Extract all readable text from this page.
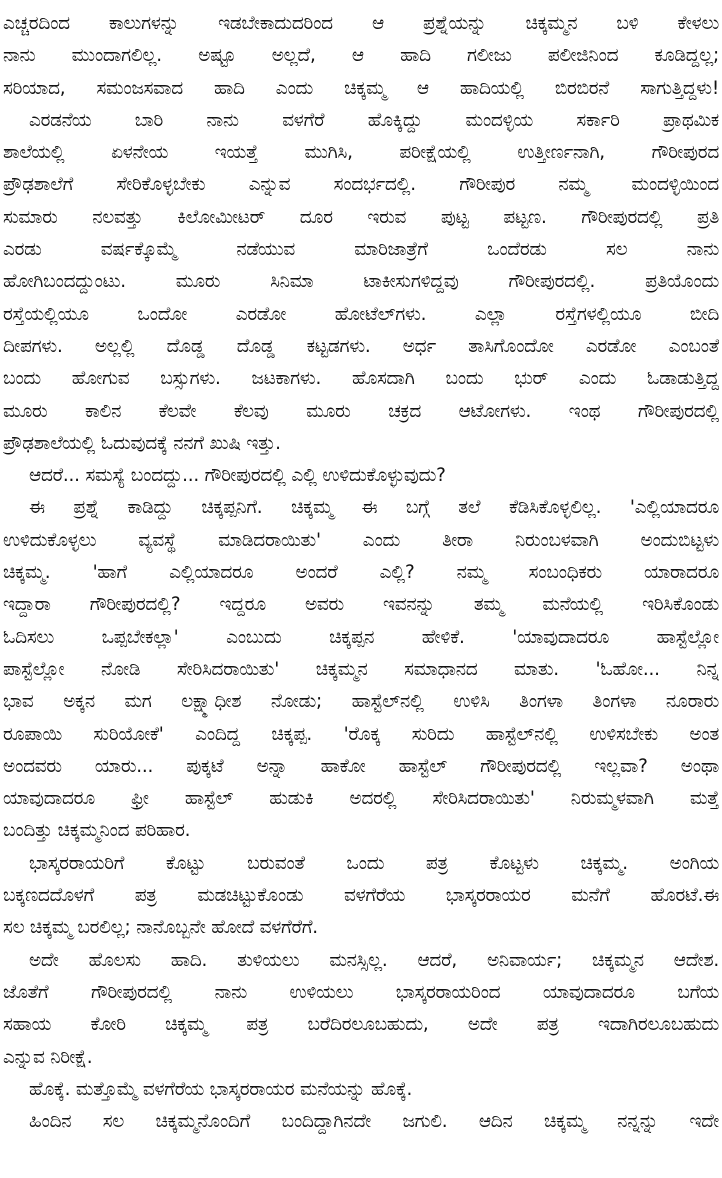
ಎಚ್ಚರದಿಂದ ಕಾಲುಗಳನ್ನು ಇಡಬೇಕಾದುದರಿಂದ ಆ ಪ್ರಶ್ನೆಯನ್ನು ಚಿಕ್ಕಮ್ಮನ ಬಳಿ ಕೇಳಲು
ನಾನು ಮುಂದಾಗಲಿಲ್ಲ. ಅಷ್ಟೂ ಅಲ್ಲದೆ, ಆ ಹಾದಿ ಗಲೀಜು ಪಲೀಜಿನಿಂದ ಕೂಡಿದ್ದಲ್ಲ;
ಸರಿಯಾದ, ಸಮಂಜಸವಾದ ಹಾದಿ ಎಂದು ಚಿಕ್ಕಮ್ಮ ಆ ಹಾದಿಯಲ್ಲಿ ಬಿರಬಿರನೆ ಸಾಗುತ್ತಿದ್ದಳು!
ಎರಡನೆಯ ಬಾರಿ ನಾನು ವಳಗೆರೆ ಹೊಕ್ಕಿದ್ದು ಮಂದಳ್ಳಿಯ ಸರ್ಕಾರಿ ಪ್ರಾಥಮಿಕ
ಶಾಲೆಯಲ್ಲಿ ಏಳನೇಯ ಇಯತ್ತೆ ಮುಗಿಸಿ, ಪರೀಕ್ಷೆಯಲ್ಲಿ ಉತ್ತೀರ್ಣನಾಗಿ, ಗೌರೀಪುರದ
ಪ್ರೌಢಶಾಲೆಗೆ ಸೇರಿಕೊಳ್ಳಬೇಕು ಎನ್ನುವ ಸಂದರ್ಭದಲ್ಲಿ. ಗೌರೀಪುರ ನಮ್ಮ ಮಂದಳ್ಳಿಯಿಂದ
ಸುಮಾರು ನಲವತ್ತು ಕಿಲೋಮೀಟರ್ ದೂರ ಇರುವ ಪುಟ್ಟ ಪಟ್ಟಣ. ಗೌರೀಪುರದಲ್ಲಿ ಪ್ರತಿ
ಎರಡು ವರ್ಷಕ್ಕೊಮ್ಮೆ ನಡೆಯುವ ಮಾರಿಜಾತ್ರೆಗೆ ಒಂದೆರಡು ಸಲ ನಾನು
ಹೋಗಿಬಂದದ್ದುಂಟು. ಮೂರು ಸಿನಿಮಾ ಟಾಕೀಸುಗಳಿದ್ದವು ಗೌರೀಪುರದಲ್ಲಿ. ಪ್ರತಿಯೊಂದು
ರಸ್ತೆಯಲ್ಲಿಯೂ ಒಂದೋ ಎರಡೋ ಹೋಟೆಲ್‌ಗಳು. ಎಲ್ಲಾ ರಸ್ತೆಗಳಲ್ಲಿಯೂ ಬೀದಿ
ದೀಪಗಳು. ಅಲ್ಲಲ್ಲಿ ದೊಡ್ಡ ದೊಡ್ಡ ಕಟ್ಟಡಗಳು. ಅರ್ಧ ತಾಸಿಗೊಂದೋ ಎರಡೋ ಎಂಬಂತೆ
ಬಂದು ಹೋಗುವ ಬಸ್ಸುಗಳು. ಜಟಕಾಗಳು. ಹೊಸದಾಗಿ ಬಂದು ಭುರ್ ಎಂದು ಓಡಾಡುತ್ತಿದ್ದ
ಮೂರು ಕಾಲಿನ ಕೆಲವೇ ಕೆಲವು ಮೂರು ಚಕ್ರದ ಆಟೋಗಳು. ಇಂಥ ಗೌರೀಪುರದಲ್ಲಿ
ಪ್ರೌಢಶಾಲೆಯಲ್ಲಿ ಓದುವುದಕ್ಕೆ ನನಗೆ ಖುಷಿ ಇತ್ತು.
ಆದರೆ... ಸಮಸ್ಯೆ ಬಂದದ್ದು... ಗೌರೀಪುರದಲ್ಲಿ ಎಲ್ಲಿ ಉಳಿದುಕೊಳ್ಳುವುದು?
ಈ ಪ್ರಶ್ನೆ ಕಾಡಿದ್ದು ಚಿಕ್ಕಪ್ಪನಿಗೆ. ಚಿಕ್ಕಮ್ಮ ಈ ಬಗ್ಗೆ ತಲೆ ಕೆಡಿಸಿಕೊಳ್ಳಲಿಲ್ಲ. 'ಎಲ್ಲಿಯಾದರೂ
ಉಳಿದುಕೊಳ್ಳಲು ವ್ಯವಸ್ಥೆ ಮಾಡಿದರಾಯಿತು' ಎಂದು ತೀರಾ ನಿರುಂಬಳವಾಗಿ ಅಂದುಬಿಟ್ಟಳು
ಚಿಕ್ಕಮ್ಮ. 'ಹಾಗೆ ಎಲ್ಲಿಯಾದರೂ ಅಂದರೆ ಎಲ್ಲಿ? ನಮ್ಮ ಸಂಬಂಧಿಕರು ಯಾರಾದರೂ
ಇದ್ದಾರಾ ಗೌರೀಪುರದಲ್ಲಿ? ಇದ್ದರೂ ಅವರು ಇವನನ್ನು ತಮ್ಮ ಮನೆಯಲ್ಲಿ ಇರಿಸಿಕೊಂಡು
ಓದಿಸಲು ಒಪ್ಪಬೇಕಲ್ಲಾ' ಎಂಬುದು ಚಿಕ್ಕಪ್ಪನ ಹೇಳಿಕೆ. 'ಯಾವುದಾದರೂ ಹಾಸ್ಟೆಲ್ಲೋ
ಪಾಸ್ಟೆಲ್ಲೋ ನೋಡಿ ಸೇರಿಸಿದರಾಯಿತು' ಚಿಕ್ಕಮ್ಮನ ಸಮಾಧಾನದ ಮಾತು. 'ಓಹೋ... ನಿನ್ನ
ಭಾವ ಅಕ್ಕನ ಮಗ ಲಕ್ಷ್ಮಾಧೀಶ ನೋಡು; ಹಾಸ್ಟೆಲ್‌ನಲ್ಲಿ ಉಳಿಸಿ ತಿಂಗಳಾ ತಿಂಗಳಾ ನೂರಾರು
ರೂಪಾಯಿ ಸುರಿಯೋಕೆ' ಎಂದಿದ್ದ ಚಿಕ್ಕಪ್ಪ. 'ರೊಕ್ಕ ಸುರಿದು ಹಾಸ್ಟೆಲ್‌ನಲ್ಲಿ ಉಳಿಸಬೇಕು ಅಂತ
ಅಂದವರು ಯಾರು... ಪುಕ್ಕಟೆ ಅನ್ನಾ ಹಾಕೋ ಹಾಸ್ಟೆಲ್ ಗೌರೀಪುರದಲ್ಲಿ ಇಲ್ಲವಾ? ಅಂಥಾ
ಯಾವುದಾದರೂ ಫ್ರೀ ಹಾಸ್ಟೆಲ್ ಹುಡುಕಿ ಅದರಲ್ಲಿ ಸೇರಿಸಿದರಾಯಿತು' ನಿರುಮ್ಮಳವಾಗಿ ಮತ್ತೆ
ಬಂದಿತ್ತು ಚಿಕ್ಕಮ್ಮನಿಂದ ಪರಿಹಾರ.
ಭಾಸ್ಕರರಾಯರಿಗೆ ಕೊಟ್ಟು ಬರುವಂತೆ ಒಂದು ಪತ್ರ ಕೊಟ್ಟಳು ಚಿಕ್ಕಮ್ಮ. ಅಂಗಿಯ
ಬಕ್ಕಣದದೊಳಗೆ ಪತ್ರ ಮಡಚಿಟ್ಟುಕೊಂಡು ವಳಗೆರೆಯ ಭಾಸ್ಕರರಾಯರ ಮನೆಗೆ ಹೊರಟೆ.ಈ
ಸಲ ಚಿಕ್ಕಮ್ಮ ಬರಲಿಲ್ಲ; ನಾನೊಬ್ಬನೇ ಹೋದೆ ವಳಗೆರೆಗೆ.
ಅದೇ ಹೊಲಸು ಹಾದಿ. ತುಳಿಯಲು ಮನಸ್ಸಿಲ್ಲ. ಆದರೆ, ಅನಿವಾರ್ಯ; ಚಿಕ್ಕಮ್ಮನ ಆದೇಶ.
ಜೊತೆಗೆ ಗೌರೀಪುರದಲ್ಲಿ ನಾನು ಉಳಿಯಲು ಭಾಸ್ಕರರಾಯರಿಂದ ಯಾವುದಾದರೂ ಬಗೆಯ
ಸಹಾಯ ಕೋರಿ ಚಿಕ್ಕಮ್ಮ ಪತ್ರ ಬರೆದಿರಲೂಬಹುದು, ಅದೇ ಪತ್ರ ಇದಾಗಿರಲೂಬಹುದು
ಎನ್ನುವ ನಿರೀಕ್ಷೆ.
ಹೊಕ್ಕೆ. ಮತ್ತೊಮ್ಮೆ ವಳಗೆರೆಯ ಭಾಸ್ಕರರಾಯರ ಮನೆಯನ್ನು ಹೊಕ್ಕೆ.
ಹಿಂದಿನ ಸಲ ಚಿಕ್ಕಮ್ಮನೊಂದಿಗೆ ಬಂದಿದ್ದಾಗಿನದೇ ಜಗುಲಿ. ಆದಿನ ಚಿಕ್ಕಮ್ಮ ನನ್ನನ್ನು ಇದೇ
